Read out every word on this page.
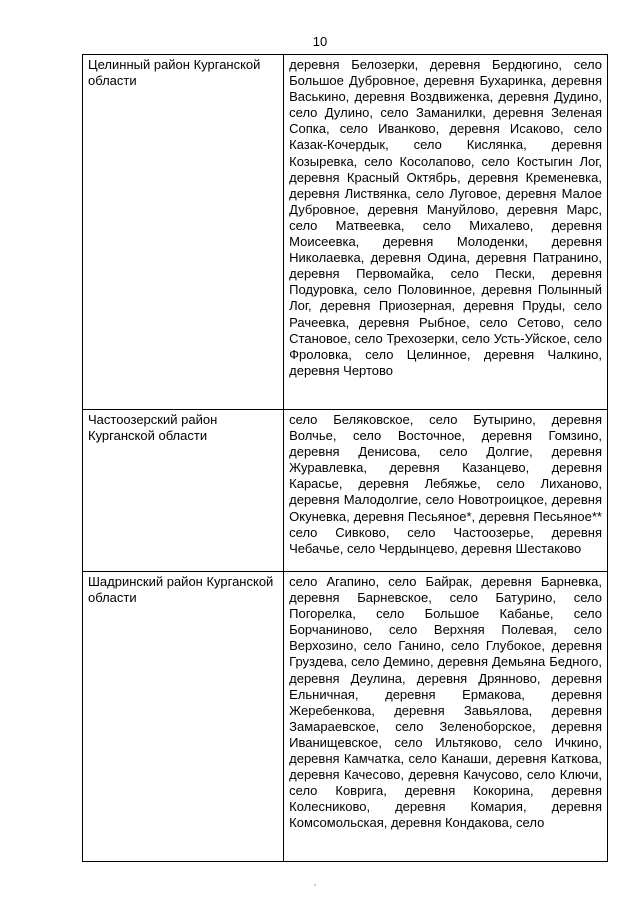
10
Целинный район Курганской области	деревня Белозерки, деревня Бердюгино, село Большое Дубровное, деревня Бухаринка, деревня Васькино, деревня Воздвиженка, деревня Дудино, село Дулино, село Заманилки, деревня Зеленая Сопка, село Иванково, деревня Исаково, село Казак-Кочердык, село Кислянка, деревня Козыревка, село Косолапово, село Костыгин Лог, деревня Красный Октябрь, деревня Кременевка, деревня Листвянка, село Луговое, деревня Малое Дубровное, деревня Мануйлово, деревня Марс, село Матвеевка, село Михалево, деревня Моисеевка, деревня Молоденки, деревня Николаевка, деревня Одина, деревня Патранино, деревня Первомайка, село Пески, деревня Подуровка, село Половинное, деревня Полынный Лог, деревня Приозерная, деревня Пруды, село Рачеевка, деревня Рыбное, село Сетово, село Становое, село Трехозерки, село Усть-Уйское, село Фроловка, село Целинное, деревня Чалкино, деревня Чертово
Частоозерский район Курганской области	село Беляковское, село Бутырино, деревня Волчье, село Восточное, деревня Гомзино, деревня Денисова, село Долгие, деревня Журавлевка, деревня Казанцево, деревня Карасье, деревня Лебяжье, село Лиханово, деревня Малодолгие, село Новотроицкое, деревня Окуневка, деревня Песьяное*, деревня Песьяное** село Сивково, село Частоозерье, деревня Чебачье, село Чердынцево, деревня Шестаково
Шадринский район Курганской области	село Агапино, село Байрак, деревня Барневка, деревня Барневское, село Батурино, село Погорелка, село Большое Кабанье, село Борчаниново, село Верхняя Полевая, село Верхозино, село Ганино, село Глубокое, деревня Груздева, село Демино, деревня Демьяна Бедного, деревня Деулина, деревня Дрянново, деревня Ельничная, деревня Ермакова, деревня Жеребенкова, деревня Завьялова, деревня Замараевское, село Зеленоборское, деревня Иванищевское, село Ильтяково, село Ичкино, деревня Камчатка, село Канаши, деревня Каткова, деревня Качесово, деревня Качусово, село Ключи, село Коврига, деревня Кокорина, деревня Колесниково, деревня Комария, деревня Комсомольская, деревня Кондакова, село
